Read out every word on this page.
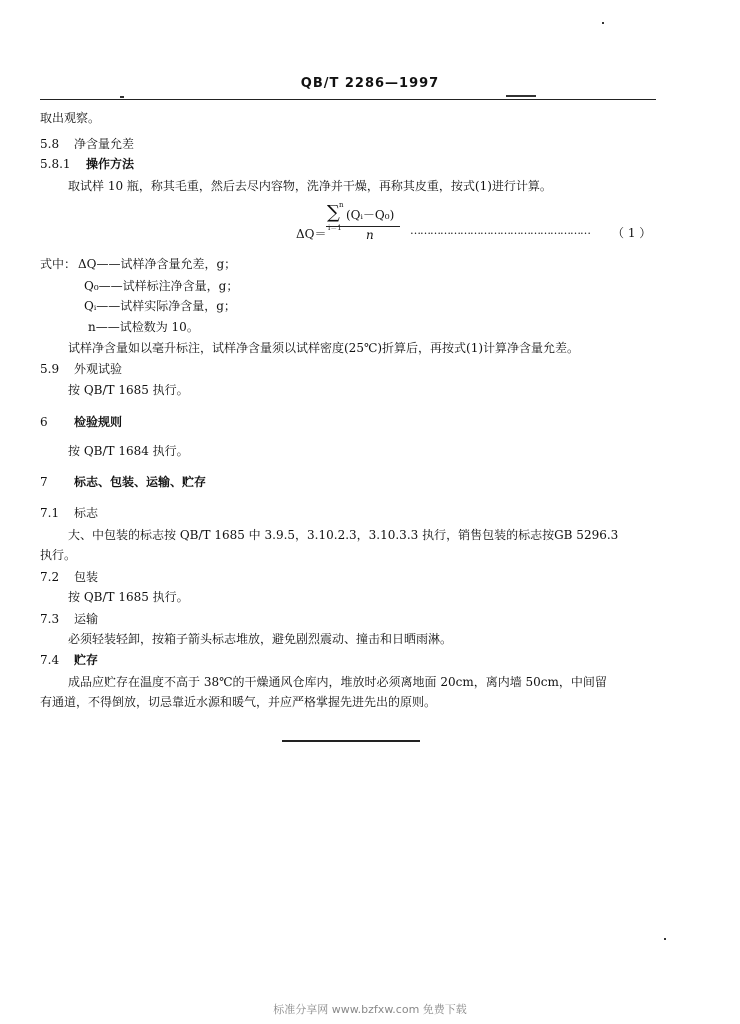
QB/T 2286—1997
取出观察。
5.8 净含量允差
5.8.1 操作方法
取试样 10 瓶，称其毛重，然后去尽内容物，洗净并干燥，再称其皮重，按式(1)进行计算。
ΔQ＝
n
∑
i＝1
(Qᵢ－Q₀)
n	……………………………………………… （ 1 ）
式中： ΔQ——试样净含量允差，g；
Q₀——试样标注净含量，g；
Qᵢ——试样实际净含量，g；
n——试检数为 10。
试样净含量如以毫升标注，试样净含量须以试样密度(25℃)折算后，再按式(1)计算净含量允差。
5.9 外观试验
按 QB/T 1685 执行。
6 检验规则
按 QB/T 1684 执行。
7 标志、包装、运输、贮存
7.1 标志
大、中包装的标志按 QB/T 1685 中 3.9.5，3.10.2.3，3.10.3.3 执行，销售包装的标志按GB 5296.3
执行。
7.2 包装
按 QB/T 1685 执行。
7.3 运输
必须轻装轻卸，按箱子箭头标志堆放，避免剧烈震动、撞击和日晒雨淋。
7.4 贮存
成品应贮存在温度不高于 38℃的干燥通风仓库内，堆放时必须离地面 20cm，离内墙 50cm，中间留
有通道，不得倒放，切忌靠近水源和暖气，并应严格掌握先进先出的原则。
标准分享网 www.bzfxw.com 免费下载
